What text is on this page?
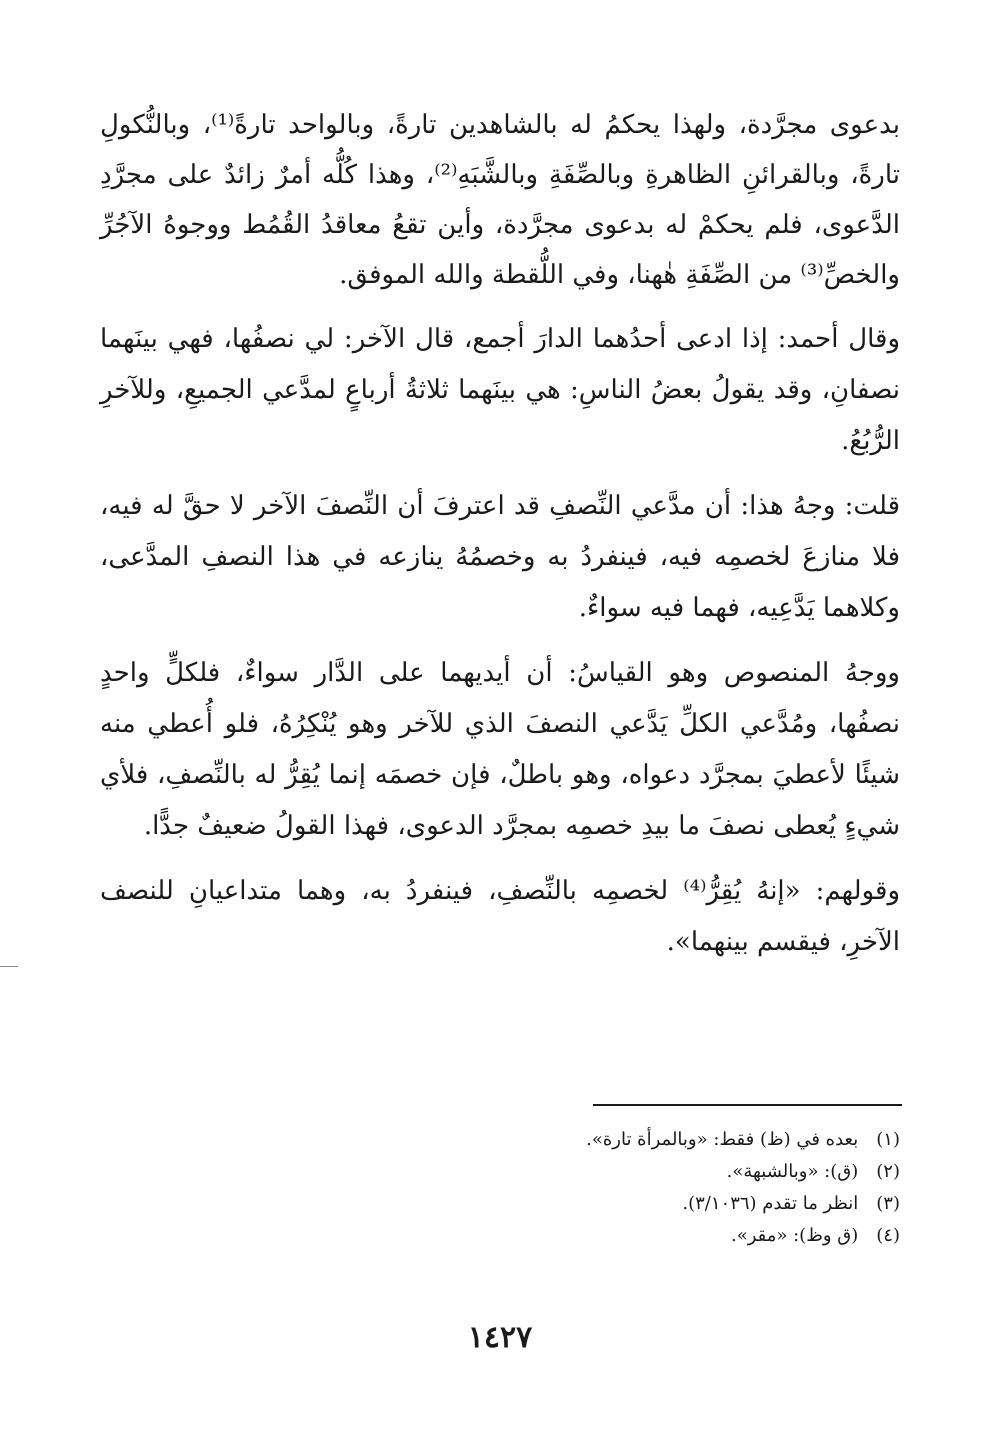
بدعوى مجرَّدة، ولهذا يحكمُ له بالشاهدين تارةً، وبالواحد تارةً⁽¹⁾، وبالنُّكولِ تارةً، وبالقرائنِ الظاهرةِ وبالصِّفَةِ وبالشَّبَهِ⁽²⁾، وهذا كُلُّه أمرٌ زائدٌ على مجرَّدِ الدَّعوى، فلم يحكمْ له بدعوى مجرَّدة، وأين تقعُ معاقدُ القُمُط ووجوهُ الآجُرِّ والخصِّ⁽³⁾ من الصِّفَةِ هٰهنا، وفي اللُّقطة والله الموفق.

وقال أحمد: إذا ادعى أحدُهما الدارَ أجمع، قال الآخر: لي نصفُها، فهي بينَهما نصفانِ، وقد يقولُ بعضُ الناسِ: هي بينَهما ثلاثةُ أرباعٍ لمدَّعي الجميعِ، وللآخرِ الرُّبُعُ.

قلت: وجهُ هذا: أن مدَّعي النِّصفِ قد اعترفَ أن النِّصفَ الآخر لا حقَّ له فيه، فلا منازعَ لخصمِه فيه، فينفردُ به وخصمُهُ ينازعه في هذا النصفِ المدَّعى، وكلاهما يَدَّعِيه، فهما فيه سواءٌ.

ووجهُ المنصوص وهو القياسُ: أن أيديهما على الدَّار سواءٌ، فلكلٍّ واحدٍ نصفُها، ومُدَّعي الكلِّ يَدَّعي النصفَ الذي للآخر وهو يُنْكِرُهُ، فلو أُعطي منه شيئًا لأعطيَ بمجرَّد دعواه، وهو باطلٌ، فإن خصمَه إنما يُقِرُّ له بالنِّصفِ، فلأي شيءٍ يُعطى نصفَ ما بيدِ خصمِه بمجرَّد الدعوى، فهذا القولُ ضعيفٌ جدًّا.

وقولهم: «إنهُ يُقِرُّ⁽⁴⁾ لخصمِه بالنِّصفِ، فينفردُ به، وهما متداعيانِ للنصف الآخرِ، فيقسم بينهما».

(١)بعده في (ظ) فقط: «وبالمرأة تارة».
(٢)(ق): «وبالشبهة».
(٣)انظر ما تقدم (٣/١٠٣٦).
(٤)(ق وظ): «مقر».
١٤٢٧
